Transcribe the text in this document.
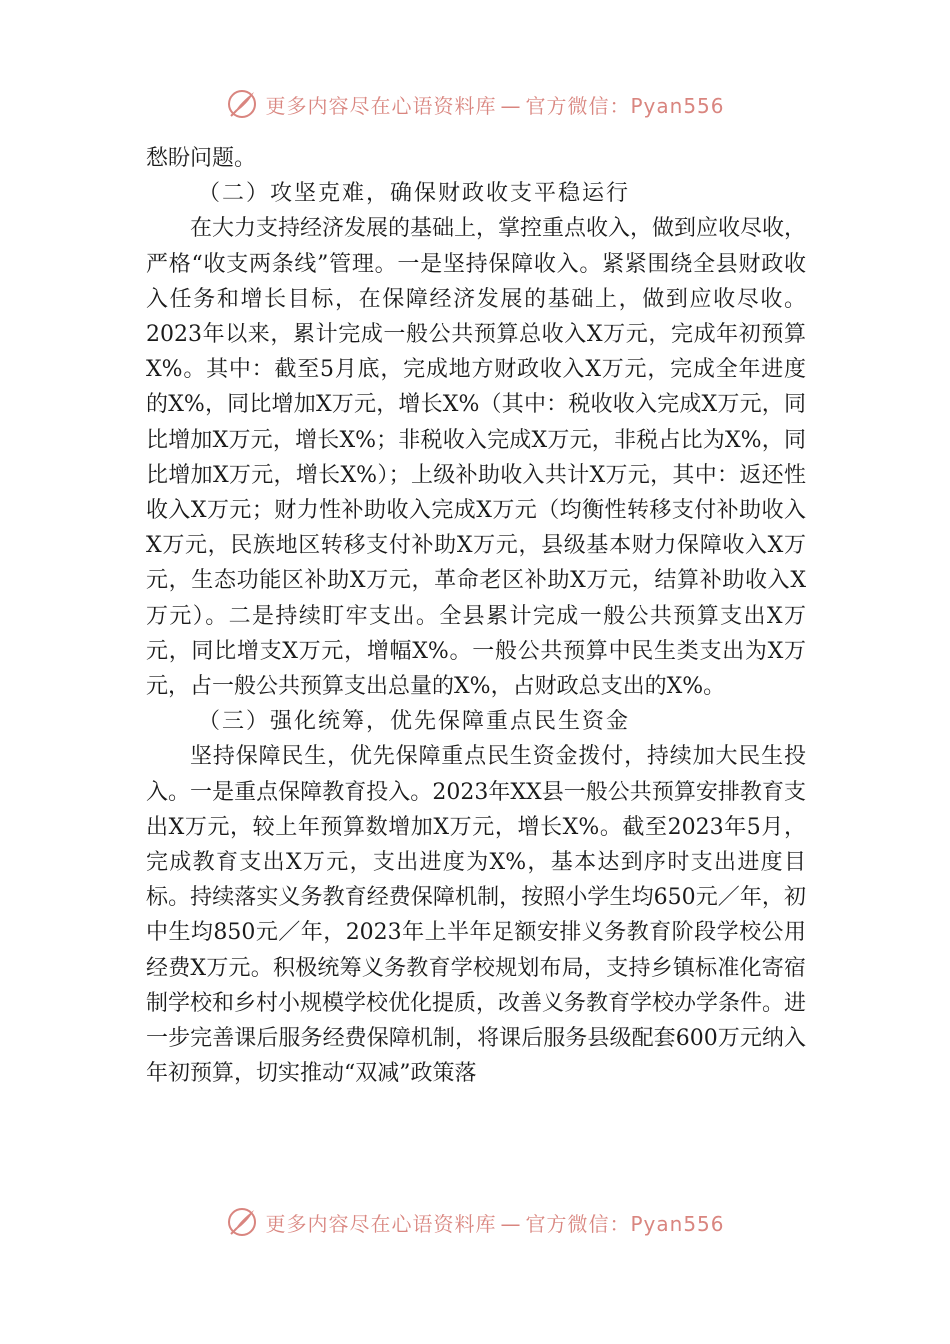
更多内容尽在心语资料库 — 官方微信：Pyan556

愁盼问题。

（二）攻坚克难，确保财政收支平稳运行

在大力支持经济发展的基础上，掌控重点收入，做到应收尽收，严格“收支两条线”管理。一是坚持保障收入。紧紧围绕全县财政收入任务和增长目标，在保障经济发展的基础上，做到应收尽收。2023年以来，累计完成一般公共预算总收入X万元，完成年初预算X%。其中：截至5月底，完成地方财政收入X万元，完成全年进度的X%，同比增加X万元，增长X%（其中：税收收入完成X万元，同比增加X万元，增长X%；非税收入完成X万元，非税占比为X%，同比增加X万元，增长X%）；上级补助收入共计X万元，其中：返还性收入X万元；财力性补助收入完成X万元（均衡性转移支付补助收入X万元，民族地区转移支付补助X万元，县级基本财力保障收入X万元，生态功能区补助X万元，革命老区补助X万元，结算补助收入X万元）。二是持续盯牢支出。全县累计完成一般公共预算支出X万元，同比增支X万元，增幅X%。一般公共预算中民生类支出为X万元，占一般公共预算支出总量的X%，占财政总支出的X%。

（三）强化统筹，优先保障重点民生资金

坚持保障民生，优先保障重点民生资金拨付，持续加大民生投入。一是重点保障教育投入。2023年XX县一般公共预算安排教育支出X万元，较上年预算数增加X万元，增长X%。截至2023年5月，完成教育支出X万元，支出进度为X%，基本达到序时支出进度目标。持续落实义务教育经费保障机制，按照小学生均650元／年，初中生均850元／年，2023年上半年足额安排义务教育阶段学校公用经费X万元。积极统筹义务教育学校规划布局，支持乡镇标准化寄宿制学校和乡村小规模学校优化提质，改善义务教育学校办学条件。进一步完善课后服务经费保障机制，将课后服务县级配套600万元纳入年初预算，切实推动“双减”政策落

更多内容尽在心语资料库 — 官方微信：Pyan556
